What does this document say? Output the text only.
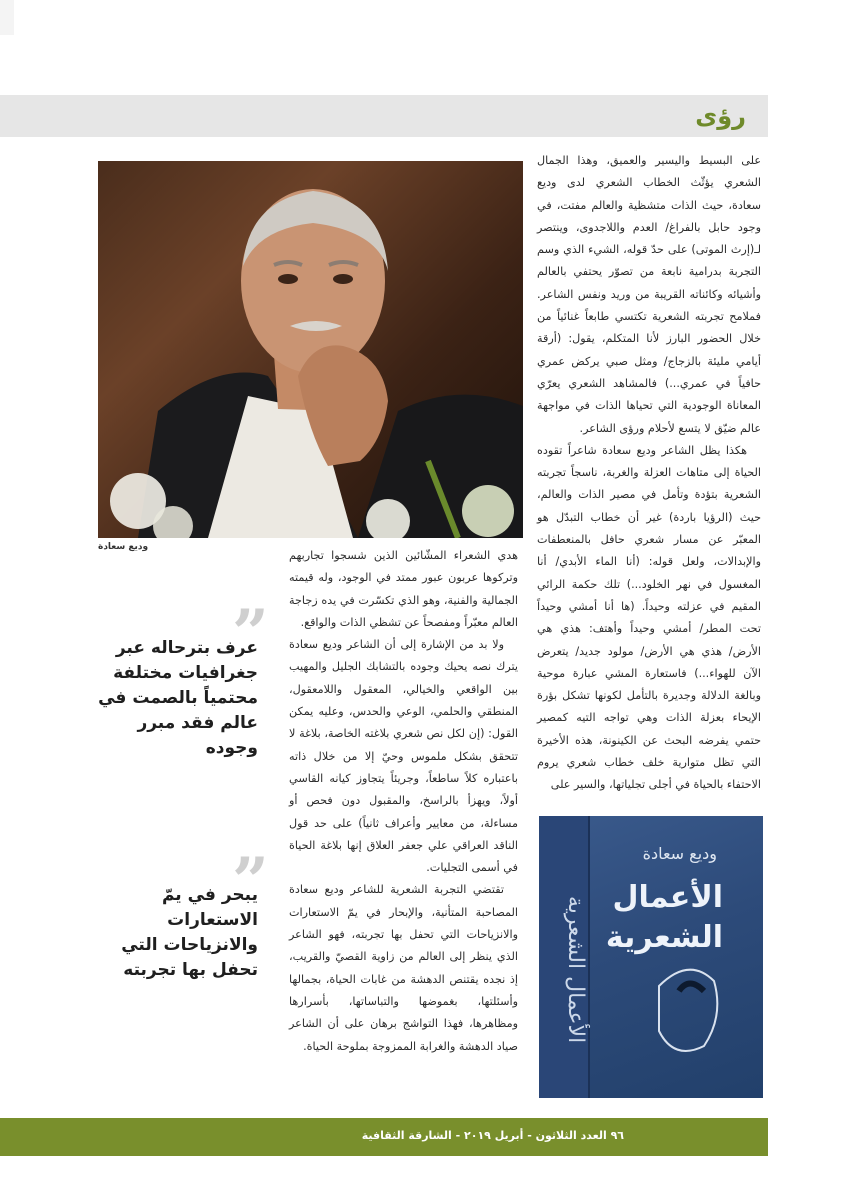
رؤى

على البسيط واليسير والعميق، وهذا الجمال الشعري يؤثّث الخطاب الشعري لدى وديع سعادة، حيث الذات متشظية والعالم مفتت، في وجود حابل بالفراغ/ العدم واللاجدوى، وينتصر لـ(إرث الموتى) على حدّ قوله، الشيء الذي وسم التجربة بدرامية نابعة من تصوّر يحتفي بالعالم وأشيائه وكائناته القريبة من وريد ونفس الشاعر. فملامح تجربته الشعرية تكتسي طابعاً غنائياً من خلال الحضور البارز لأنا المتكلم، يقول: (أرقة أيامي مليئة بالزجاج/ ومثل صبي يركض عمري حافياً في عمري...) فالمشاهد الشعري يعرّي المعاناة الوجودية التي تحياها الذات في مواجهة عالم ضيّق لا يتسع لأحلام ورؤى الشاعر.

هكذا يظل الشاعر وديع سعادة شاعراً تقوده الحياة إلى متاهات العزلة والغربة، ناسجاً تجربته الشعرية بتؤدة وتأمل في مصير الذات والعالم، حيث (الرؤيا باردة) غير أن خطاب التبدّل هو المعبّر عن مسار شعري حافل بالمنعطفات والإبدالات، ولعل قوله: (أنا الماء الأبدي/ أنا المغسول في نهر الخلود...) تلك حكمة الرائي المقيم في عزلته وحيداً. (ها أنا أمشي وحيداً تحت المطر/ أمشي وحيداً وأهتف: هذي هي الأرض/ هذي هي الأرض/ مولود جديد/ يتعرض الآن للهواء...) فاستعارة المشي عبارة موحية وبالغة الدلالة وجديرة بالتأمل لكونها تشكل بؤرة الإيحاء بعزلة الذات وهي تواجه التيه كمصير حتمي يفرضه البحث عن الكينونة، هذه الأخيرة التي تظل متوارية خلف خطاب شعري يروم الاحتفاء بالحياة في أجلى تجلياتها، والسير على

وديع سعادة

هدي الشعراء المشّائين الذين شسجوا تجاربهم وتركوها عربون عبور ممتد في الوجود، وله قيمته الجمالية والفنية، وهو الذي تكسّرت في يده زجاجة العالم معبّراً ومفصحاً عن تشظي الذات والواقع.

ولا بد من الإشارة إلى أن الشاعر وديع سعادة يترك نصه يحيك وجوده بالتشابك الجليل والمهيب بين الواقعي والخيالي، المعقول واللامعقول، المنطقي والحلمي، الوعي والحدس، وعليه يمكن القول: (إن لكل نص شعري بلاغته الخاصة، بلاغة لا تتحقق بشكل ملموس وحيّ إلا من خلال ذاته باعتباره كلاً ساطعاً، وجريئاً يتجاوز كيانه القاسي أولاً، ويهزأ بالراسخ، والمقبول دون فحص أو مساءلة، من معايير وأعراف ثانياً) على حد قول الناقد العراقي علي جعفر العلاق إنها بلاغة الحياة في أسمى التجليات.

تقتضي التجربة الشعرية للشاعر وديع سعادة المصاحبة المتأنية، والإبحار في يمّ الاستعارات والانزياحات التي تحفل بها تجربته، فهو الشاعر الذي ينظر إلى العالم من زاوية القصيّ والقريب، إذ نجده يقتنص الدهشة من غابات الحياة، بجمالها وأسئلتها، بغموضها والتباساتها، بأسرارها ومظاهرها، فهذا التواشج برهان على أن الشاعر صياد الدهشة والغرابة الممزوجة بملوحة الحياة.

”
عرف بترحاله عبر جغرافيات مختلفة محتمياً بالصمت في عالم فقد مبرر وجوده
”
يبحر في يمّ الاستعارات والانزياحات التي تحفل بها تجربته
وديع سعادة
الأعمال الشعرية
الأعمال الشعرية
٩٦ العدد الثلاثون - أبريل ٢٠١٩ - الشارقة الثقافية
